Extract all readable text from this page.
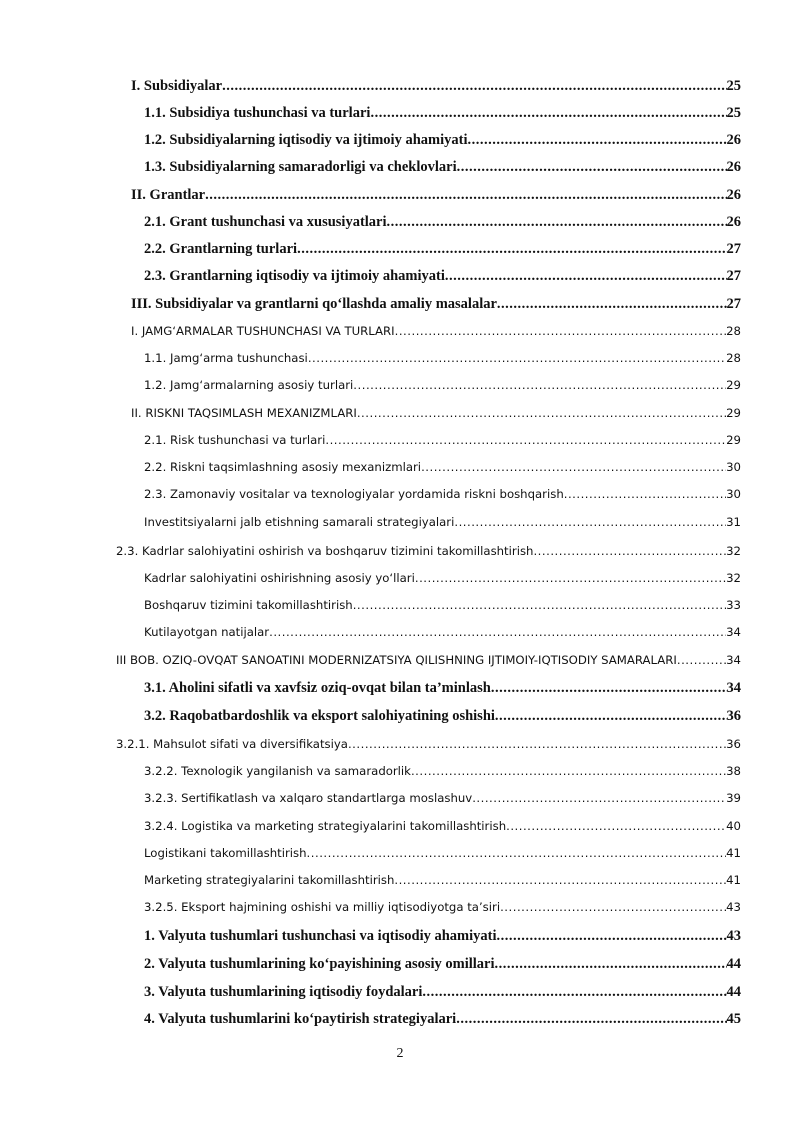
I. Subsidiyalar .....	25
1.1. Subsidiya tushunchasi va turlari .....	25
1.2. Subsidiyalarning iqtisodiy va ijtimoiy ahamiyati .....	26
1.3. Subsidiyalarning samaradorligi va cheklovlari .....	26
II. Grantlar .....	26
2.1. Grant tushunchasi va xususiyatlari .....	26
2.2. Grantlarning turlari .....	27
2.3. Grantlarning iqtisodiy va ijtimoiy ahamiyati .....	27
III. Subsidiyalar va grantlarni qo‘llashda amaliy masalalar .....	27
I. JAMG‘ARMALAR TUSHUNCHASI VA TURLARI .....	28
1.1. Jamg‘arma tushunchasi .....	28
1.2. Jamg‘armalarning asosiy turlari .....	29
II. RISKNI TAQSIMLASH MEXANIZMLARI .....	29
2.1. Risk tushunchasi va turlari .....	29
2.2. Riskni taqsimlashning asosiy mexanizmlari .....	30
2.3. Zamonaviy vositalar va texnologiyalar yordamida riskni boshqarish .....	30
Investitsiyalarni jalb etishning samarali strategiyalari .....	31
2.3. Kadrlar salohiyatini oshirish va boshqaruv tizimini takomillashtirish .....	32
Kadrlar salohiyatini oshirishning asosiy yo‘llari .....	32
Boshqaruv tizimini takomillashtirish .....	33
Kutilayotgan natijalar .....	34
III BOB. OZIQ-OVQAT SANOATINI MODERNIZATSIYA QILISHNING IJTIMOIY-IQTISODIY SAMARALARI .....	34
3.1. Aholini sifatli va xavfsiz oziq-ovqat bilan ta’minlash .....	34
3.2. Raqobatbardoshlik va eksport salohiyatining oshishi .....	36
3.2.1. Mahsulot sifati va diversifikatsiya .....	36
3.2.2. Texnologik yangilanish va samaradorlik .....	38
3.2.3. Sertifikatlash va xalqaro standartlarga moslashuv .....	39
3.2.4. Logistika va marketing strategiyalarini takomillashtirish .....	40
Logistikani takomillashtirish .....	41
Marketing strategiyalarini takomillashtirish .....	41
3.2.5. Eksport hajmining oshishi va milliy iqtisodiyotga ta’siri .....	43
1. Valyuta tushumlari tushunchasi va iqtisodiy ahamiyati .....	43
2. Valyuta tushumlarining ko‘payishining asosiy omillari .....	44
3. Valyuta tushumlarining iqtisodiy foydalari .....	44
4. Valyuta tushumlarini ko‘paytirish strategiyalari .....	45
2
